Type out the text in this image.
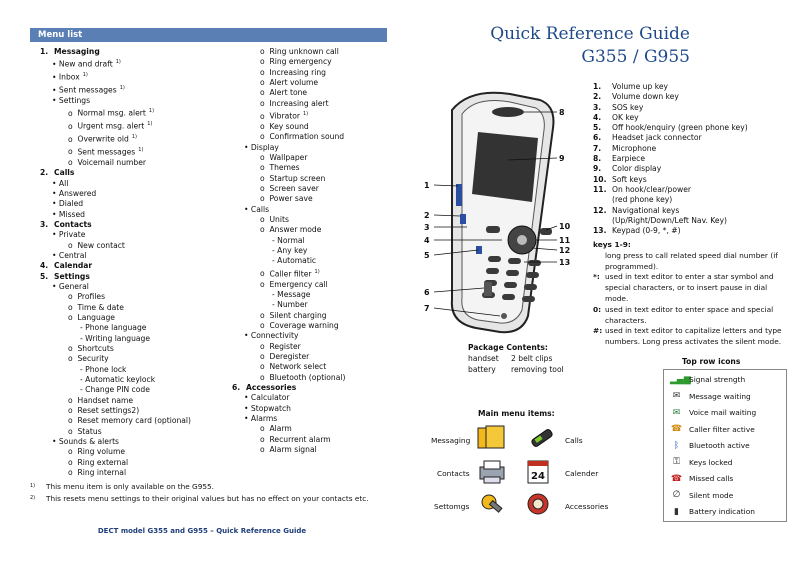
Menu list
1. Messaging
• New and draft $^{1)}$
• Inbox $^{1)}$
• Sent messages $^{1)}$
• Settings
o Normal msg. alert $^{1)}$
o Urgent msg. alert $^{1)}$
o Overwrite old $^{1)}$
o Sent messages $^{1)}$
o Voicemail number
2. Calls
• All
• Answered
• Dialed
• Missed
3. Contacts
• Private
o New contact
• Central
4. Calendar
5. Settings
• General
o Profiles
o Time & date
o Language
- Phone language
- Writing language
o Shortcuts
o Security
- Phone lock
- Automatic keylock
- Change PIN code
o Handset name
o Reset settings2)
o Reset memory card (optional)
o Status
• Sounds & alerts
o Ring volume
o Ring external
o Ring internal
o Ring unknown call
o Ring emergency
o Increasing ring
o Alert volume
o Alert tone
o Increasing alert
o Vibrator $^{1)}$
o Key sound
o Confirmation sound
• Display
o Wallpaper
o Themes
o Startup screen
o Screen saver
o Power save
• Calls
o Units
o Answer mode
- Normal
- Any key
- Automatic
o Caller filter $^{1)}$
o Emergency call
- Message
- Number
o Silent charging
o Coverage warning
• Connectivity
o Register
o Deregister
o Network select
o Bluetooth (optional)
6. Accessories
• Calculator
• Stopwatch
• Alarms
o Alarm
o Recurrent alarm
o Alarm signal
$^{1)}$ This menu item is only available on the G955.
$^{2)}$ This resets menu settings to their original values but has no effect on your contacts etc.
DECT model G355 and G955 – Quick Reference Guide
Quick Reference Guide
G355 / G955
1
2
3
4
5
6
7
8
9
10
11
12
13
1. Volume up key
2. Volume down key
3. SOS key
4. OK key
5. Off hook/enquiry (green phone key)
6. Headset jack connector
7. Microphone
8. Earpiece
9. Color display
10. Soft keys
11. On hook/clear/power
(red phone key)
12. Navigational keys
(Up/Right/Down/Left Nav. Key)
13. Keypad (0-9, *, #)
keys 1-9:
long press to call related speed dial number (if
programmed).
*: used in text editor to enter a star symbol and
special characters, or to insert pause in dial
mode.
0: used in text editor to enter space and special
characters.
#: used in text editor to capitalize letters and type
numbers. Long press activates the silent mode.
Package Contents:
handset 2 belt clips
battery removing tool
Main menu items:
Messaging
Contacts
Settomgs
Calls
Calender
Accessories
24
Top row icons
▂▄▆Signal strength
✉ Message waiting
✉ Voice mail waiting
☎ Caller filter active
ᛒ Bluetooth active
⚿ Keys locked
☎ Missed calls
∅ Silent mode
▮ Battery indication
